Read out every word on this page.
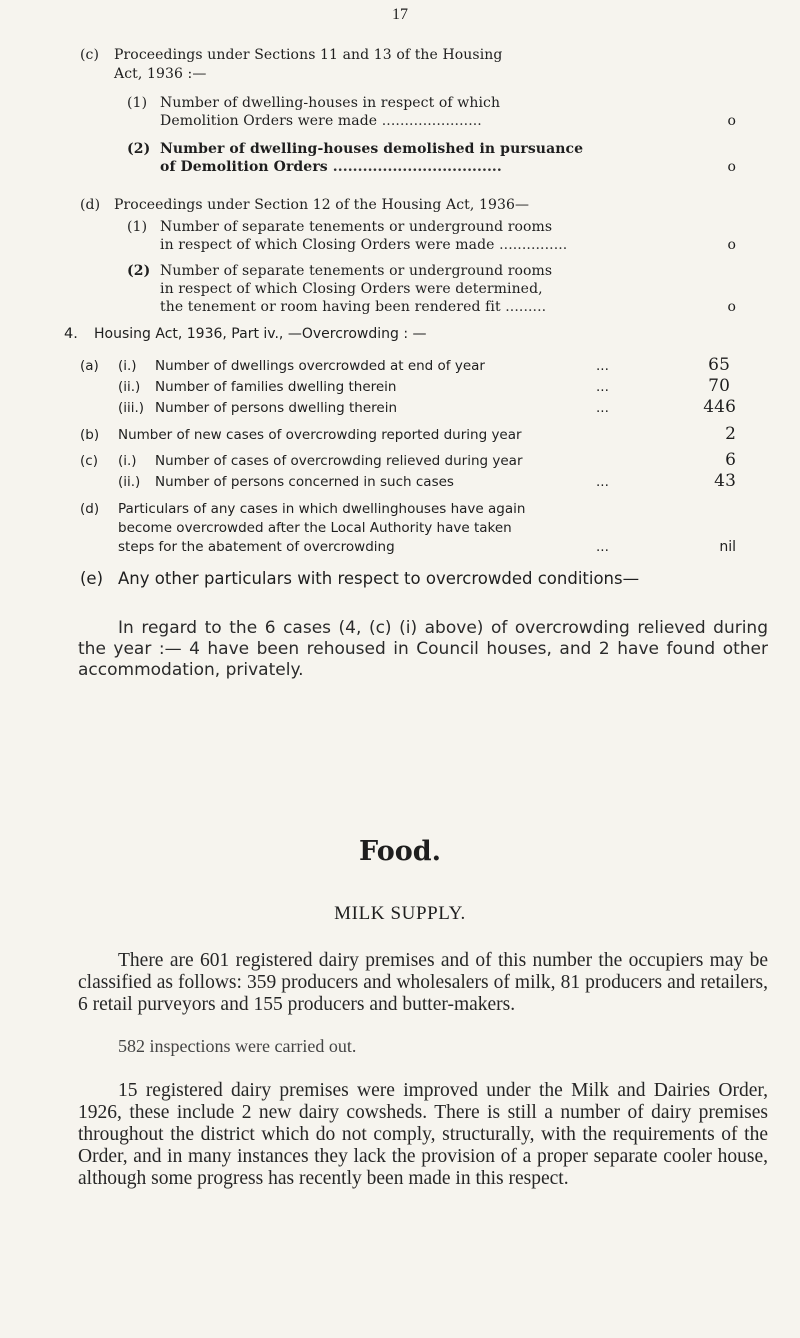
17
(c) Proceedings under Sections 11 and 13 of the Housing
Act, 1936 :—
(1) Number of dwelling-houses in respect of which
Demolition Orders were made ......................	o
(2) Number of dwelling-houses demolished in pursuance
of Demolition Orders ..................................	o
(d) Proceedings under Section 12 of the Housing Act, 1936—
(1) Number of separate tenements or underground rooms
in respect of which Closing Orders were made ...............	o
(2) Number of separate tenements or underground rooms
in respect of which Closing Orders were determined,
the tenement or room having been rendered fit .........	o
4. Housing Act, 1936, Part iv., —Overcrowding : —
(a) (i.) Number of dwellings overcrowded at end of year	...	65
(ii.) Number of families dwelling therein	...	70
(iii.) Number of persons dwelling therein	...	446
(b) Number of new cases of overcrowding reported during year	2
(c) (i.) Number of cases of overcrowding relieved during year	6
(ii.) Number of persons concerned in such cases	...	43
(d) Particulars of any cases in which dwellinghouses have again
become overcrowded after the Local Authority have taken
steps for the abatement of overcrowding	...	nil
(e) Any other particulars with respect to overcrowded conditions—
In regard to the 6 cases (4, (c) (i) above) of overcrowding relieved during the year :— 4 have been rehoused in Council houses, and 2 have found other accommodation, privately.
Food.
MILK SUPPLY.
There are 601 registered dairy premises and of this number the occupiers may be classified as follows: 359 producers and wholesalers of milk, 81 producers and retailers, 6 retail purveyors and 155 producers and butter-makers.
582 inspections were carried out.
15 registered dairy premises were improved under the Milk and Dairies Order, 1926, these include 2 new dairy cowsheds. There is still a number of dairy premises throughout the district which do not comply, structurally, with the requirements of the Order, and in many instances they lack the provision of a proper separate cooler house, although some progress has recently been made in this respect.
